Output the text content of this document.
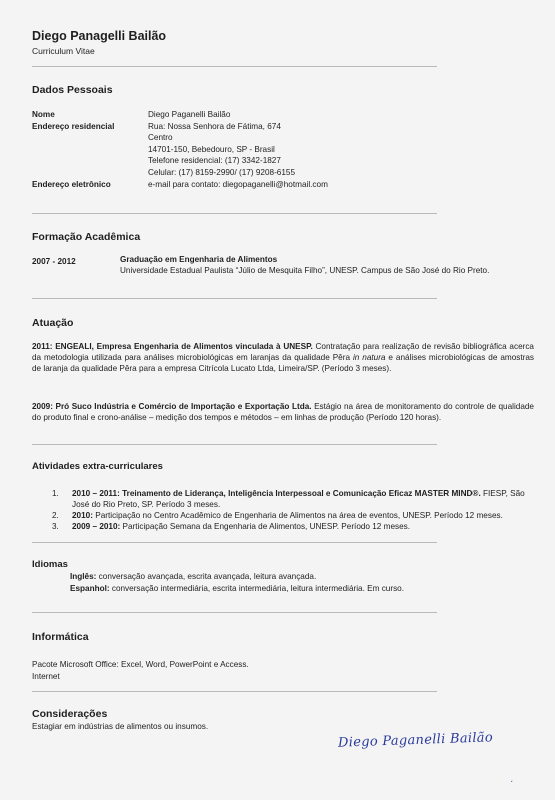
Diego Panagelli Bailão
Curriculum Vitae
Dados Pessoais
Nome	Diego Paganelli Bailão
Endereço residencial	Rua: Nossa Senhora de Fátima, 674
Centro
14701-150, Bebedouro, SP - Brasil
Telefone residencial: (17) 3342-1827
Celular: (17) 8159-2990/ (17) 9208-6155
Endereço eletrônico	e-mail para contato: diegopaganelli@hotmail.com
Formação Acadêmica
2007 - 2012	Graduação em Engenharia de Alimentos
Universidade Estadual Paulista “Júlio de Mesquita Filho”, UNESP. Campus de São José do Rio Preto.
Atuação
2011: ENGEALI, Empresa Engenharia de Alimentos vinculada à UNESP. Contratação para realização de revisão bibliográfica acerca da metodologia utilizada para análises microbiológicas em laranjas da qualidade Pêra in natura e análises microbiológicas de amostras de laranja da qualidade Pêra para a empresa Citrícola Lucato Ltda, Limeira/SP. (Período 3 meses).
2009: Pró Suco Indústria e Comércio de Importação e Exportação Ltda. Estágio na área de monitoramento do controle de qualidade do produto final e crono-análise – medição dos tempos e métodos – em linhas de produção (Período 120 horas).
Atividades extra-curriculares
1. 2010 – 2011: Treinamento de Liderança, Inteligência Interpessoal e Comunicação Eficaz MASTER MIND®. FIESP, São José do Rio Preto, SP. Período 3 meses.
2. 2010: Participação no Centro Acadêmico de Engenharia de Alimentos na área de eventos, UNESP. Período 12 meses.
3. 2009 – 2010: Participação Semana da Engenharia de Alimentos, UNESP. Período 12 meses.
Idiomas
Inglês: conversação avançada, escrita avançada, leitura avançada.
Espanhol: conversação intermediária, escrita intermediária, leitura intermediária. Em curso.
Informática
Pacote Microsoft Office: Excel, Word, PowerPoint e Access.
Internet
Considerações
Estagiar em indústrias de alimentos ou insumos.
Diego Paganelli Bailão
ˏ
